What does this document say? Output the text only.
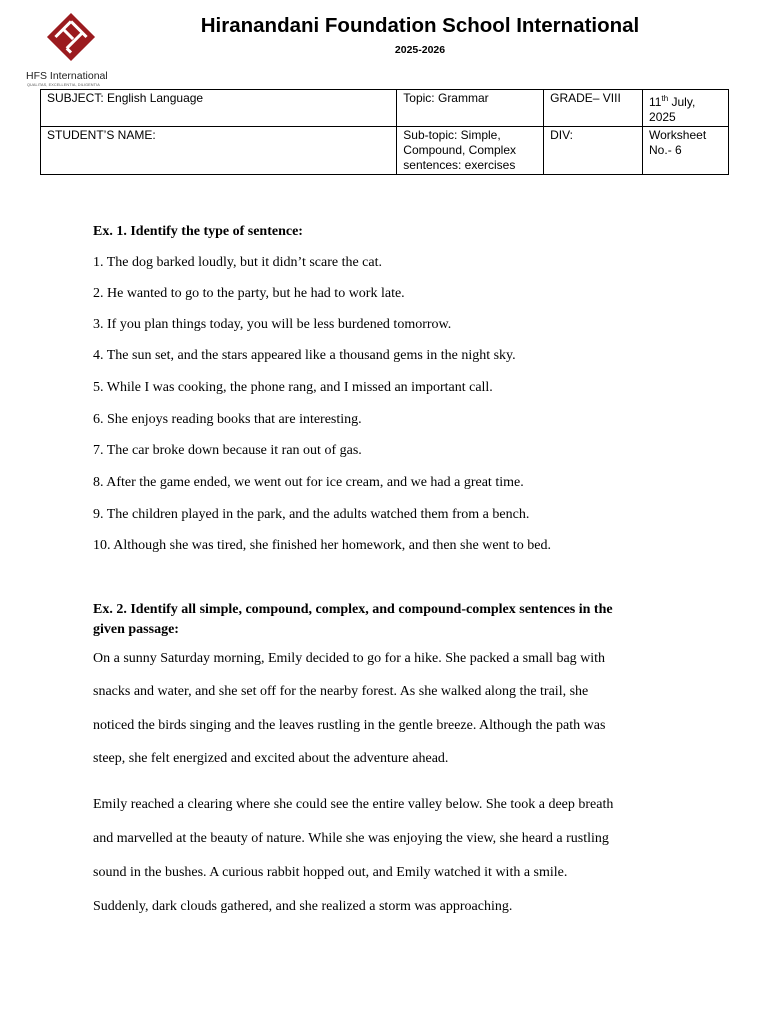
HFS International
QUALITAS, EXCELLENTIA, DILIGENTIA
Hiranandani Foundation School International
2025-2026
SUBJECT: English Language	Topic: Grammar	GRADE– VIII	11th July, 2025
STUDENT’S NAME:	Sub-topic: Simple, Compound, Complex sentences: exercises	DIV:	Worksheet No.- 6
Ex. 1. Identify the type of sentence:
1. The dog barked loudly, but it didn’t scare the cat.
2. He wanted to go to the party, but he had to work late.
3. If you plan things today, you will be less burdened tomorrow.
4. The sun set, and the stars appeared like a thousand gems in the night sky.
5. While I was cooking, the phone rang, and I missed an important call.
6. She enjoys reading books that are interesting.
7. The car broke down because it ran out of gas.
8. After the game ended, we went out for ice cream, and we had a great time.
9. The children played in the park, and the adults watched them from a bench.
10. Although she was tired, she finished her homework, and then she went to bed.
Ex. 2. Identify all simple, compound, complex, and compound-complex sentences in the
given passage:
On a sunny Saturday morning, Emily decided to go for a hike. She packed a small bag with
snacks and water, and she set off for the nearby forest. As she walked along the trail, she
noticed the birds singing and the leaves rustling in the gentle breeze. Although the path was
steep, she felt energized and excited about the adventure ahead.
Emily reached a clearing where she could see the entire valley below. She took a deep breath
and marvelled at the beauty of nature. While she was enjoying the view, she heard a rustling
sound in the bushes. A curious rabbit hopped out, and Emily watched it with a smile.
Suddenly, dark clouds gathered, and she realized a storm was approaching.
